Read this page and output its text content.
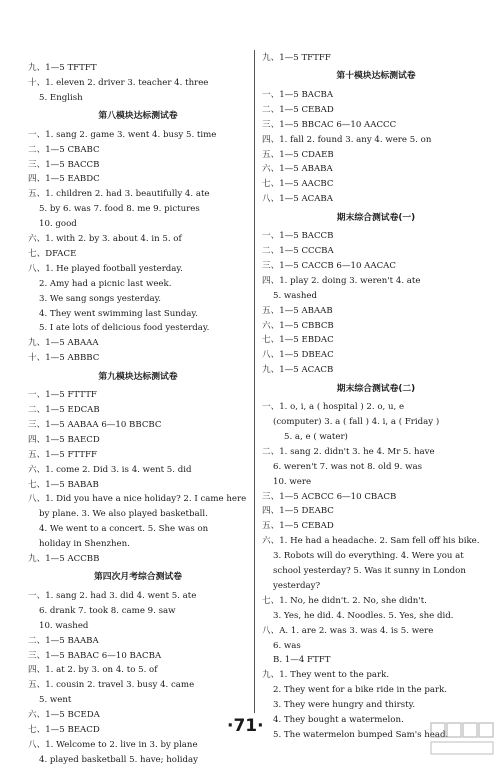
九、1—5 TFTFT
十、1. eleven 2. driver 3. teacher 4. three
5. English
第八模块达标测试卷
一、1. sang 2. game 3. went 4. busy 5. time
二、1—5 CBABC
三、1—5 BACCB
四、1—5 EABDC
五、1. children 2. had 3. beautifully 4. ate
5. by 6. was 7. food 8. me 9. pictures
10. good
六、1. with 2. by 3. about 4. in 5. of
七、DFACE
八、1. He played football yesterday.
2. Amy had a picnic last week.
3. We sang songs yesterday.
4. They went swimming last Sunday.
5. I ate lots of delicious food yesterday.
九、1—5 ABAAA
十、1—5 ABBBC
第九模块达标测试卷
一、1—5 FTTTF
二、1—5 EDCAB
三、1—5 AABAA 6—10 BBCBC
四、1—5 BAECD
五、1—5 FTTFF
六、1. come 2. Did 3. is 4. went 5. did
七、1—5 BABAB
八、1. Did you have a nice holiday? 2. I came here
by plane. 3. We also played basketball.
4. We went to a concert. 5. She was on
holiday in Shenzhen.
九、1—5 ACCBB
第四次月考综合测试卷
一、1. sang 2. had 3. did 4. went 5. ate
6. drank 7. took 8. came 9. saw
10. washed
二、1—5 BAABA
三、1—5 BABAC 6—10 BACBA
四、1. at 2. by 3. on 4. to 5. of
五、1. cousin 2. travel 3. busy 4. came
5. went
六、1—5 BCEDA
七、1—5 BEACD
八、1. Welcome to 2. live in 3. by plane
4. played basketball 5. have; holiday
九、1—5 TFTFF
第十模块达标测试卷
一、1—5 BACBA
二、1—5 CEBAD
三、1—5 BBCAC 6—10 AACCC
四、1. fall 2. found 3. any 4. were 5. on
五、1—5 CDAEB
六、1—5 ABABA
七、1—5 AACBC
八、1—5 ACABA
期末综合测试卷(一)
一、1—5 BACCB
二、1—5 CCCBA
三、1—5 CACCB 6—10 AACAC
四、1. play 2. doing 3. weren't 4. ate
5. washed
五、1—5 ABAAB
六、1—5 CBBCB
七、1—5 EBDAC
八、1—5 DBEAC
九、1—5 ACACB
期末综合测试卷(二)
一、1. o, i, a ( hospital ) 2. o, u, e
(computer) 3. a ( fall ) 4. i, a ( Friday )
5. a, e ( water)
二、1. sang 2. didn't 3. he 4. Mr 5. have
6. weren't 7. was not 8. old 9. was
10. were
三、1—5 ACBCC 6—10 CBACB
四、1—5 DEABC
五、1—5 CEBAD
六、1. He had a headache. 2. Sam fell off his bike.
3. Robots will do everything. 4. Were you at
school yesterday? 5. Was it sunny in London
yesterday?
七、1. No, he didn't. 2. No, she didn't.
3. Yes, he did. 4. Noodles. 5. Yes, she did.
八、A. 1. are 2. was 3. was 4. is 5. were
6. was
B. 1—4 FTFT
九、1. They went to the park.
2. They went for a bike ride in the park.
3. They were hungry and thirsty.
4. They bought a watermelon.
5. The watermelon bumped Sam's head.
·71·
